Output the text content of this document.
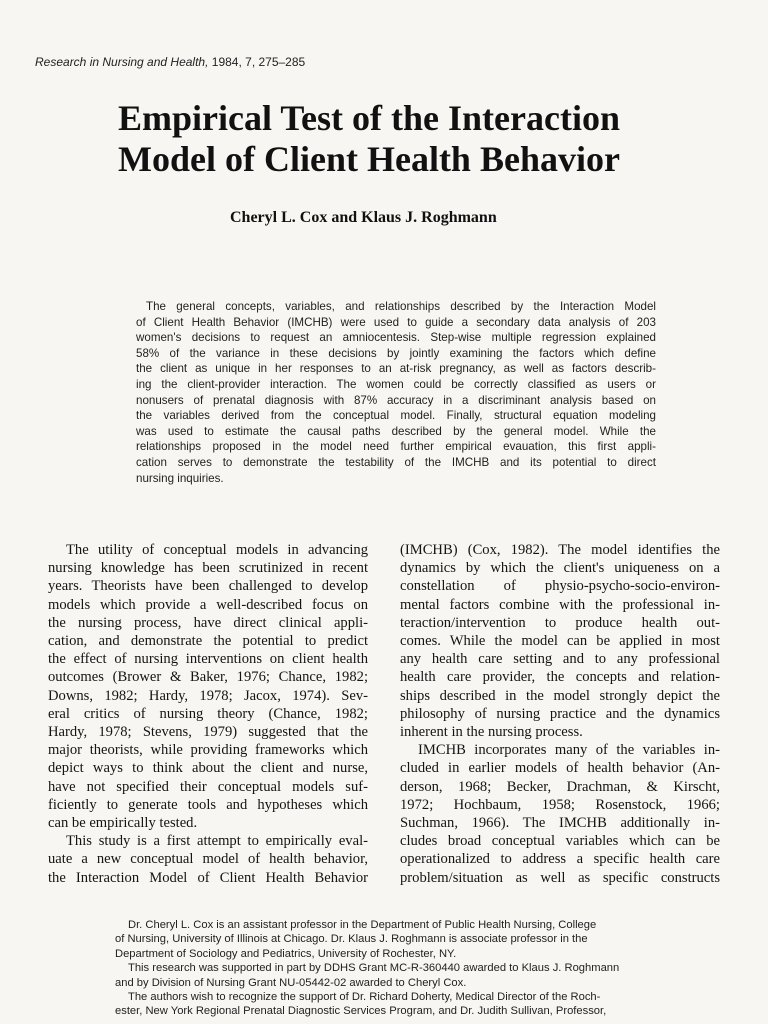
Research in Nursing and Health, 1984, 7, 275–285
Empirical Test of the Interaction
Model of Client Health Behavior
Cheryl L. Cox and Klaus J. Roghmann
The general concepts, variables, and relationships described by the Interaction Model
of Client Health Behavior (IMCHB) were used to guide a secondary data analysis of 203
women's decisions to request an amniocentesis. Step-wise multiple regression explained
58% of the variance in these decisions by jointly examining the factors which define
the client as unique in her responses to an at-risk pregnancy, as well as factors describ-
ing the client-provider interaction. The women could be correctly classified as users or
nonusers of prenatal diagnosis with 87% accuracy in a discriminant analysis based on
the variables derived from the conceptual model. Finally, structural equation modeling
was used to estimate the causal paths described by the general model. While the
relationships proposed in the model need further empirical evauation, this first appli-
cation serves to demonstrate the testability of the IMCHB and its potential to direct
nursing inquiries.
The utility of conceptual models in advancing
nursing knowledge has been scrutinized in recent
years. Theorists have been challenged to develop
models which provide a well-described focus on
the nursing process, have direct clinical appli-
cation, and demonstrate the potential to predict
the effect of nursing interventions on client health
outcomes (Brower & Baker, 1976; Chance, 1982;
Downs, 1982; Hardy, 1978; Jacox, 1974). Sev-
eral critics of nursing theory (Chance, 1982;
Hardy, 1978; Stevens, 1979) suggested that the
major theorists, while providing frameworks which
depict ways to think about the client and nurse,
have not specified their conceptual models suf-
ficiently to generate tools and hypotheses which
can be empirically tested.
This study is a first attempt to empirically eval-
uate a new conceptual model of health behavior,
the Interaction Model of Client Health Behavior
(IMCHB) (Cox, 1982). The model identifies the
dynamics by which the client's uniqueness on a
constellation of physio-psycho-socio-environ-
mental factors combine with the professional in-
teraction/intervention to produce health out-
comes. While the model can be applied in most
any health care setting and to any professional
health care provider, the concepts and relation-
ships described in the model strongly depict the
philosophy of nursing practice and the dynamics
inherent in the nursing process.
IMCHB incorporates many of the variables in-
cluded in earlier models of health behavior (An-
derson, 1968; Becker, Drachman, & Kirscht,
1972; Hochbaum, 1958; Rosenstock, 1966;
Suchman, 1966). The IMCHB additionally in-
cludes broad conceptual variables which can be
operationalized to address a specific health care
problem/situation as well as specific constructs
Dr. Cheryl L. Cox is an assistant professor in the Department of Public Health Nursing, College
of Nursing, University of Illinois at Chicago. Dr. Klaus J. Roghmann is associate professor in the
Department of Sociology and Pediatrics, University of Rochester, NY.
This research was supported in part by DDHS Grant MC-R-360440 awarded to Klaus J. Roghmann
and by Division of Nursing Grant NU-05442-02 awarded to Cheryl Cox.
The authors wish to recognize the support of Dr. Richard Doherty, Medical Director of the Roch-
ester, New York Regional Prenatal Diagnostic Services Program, and Dr. Judith Sullivan, Professor,
